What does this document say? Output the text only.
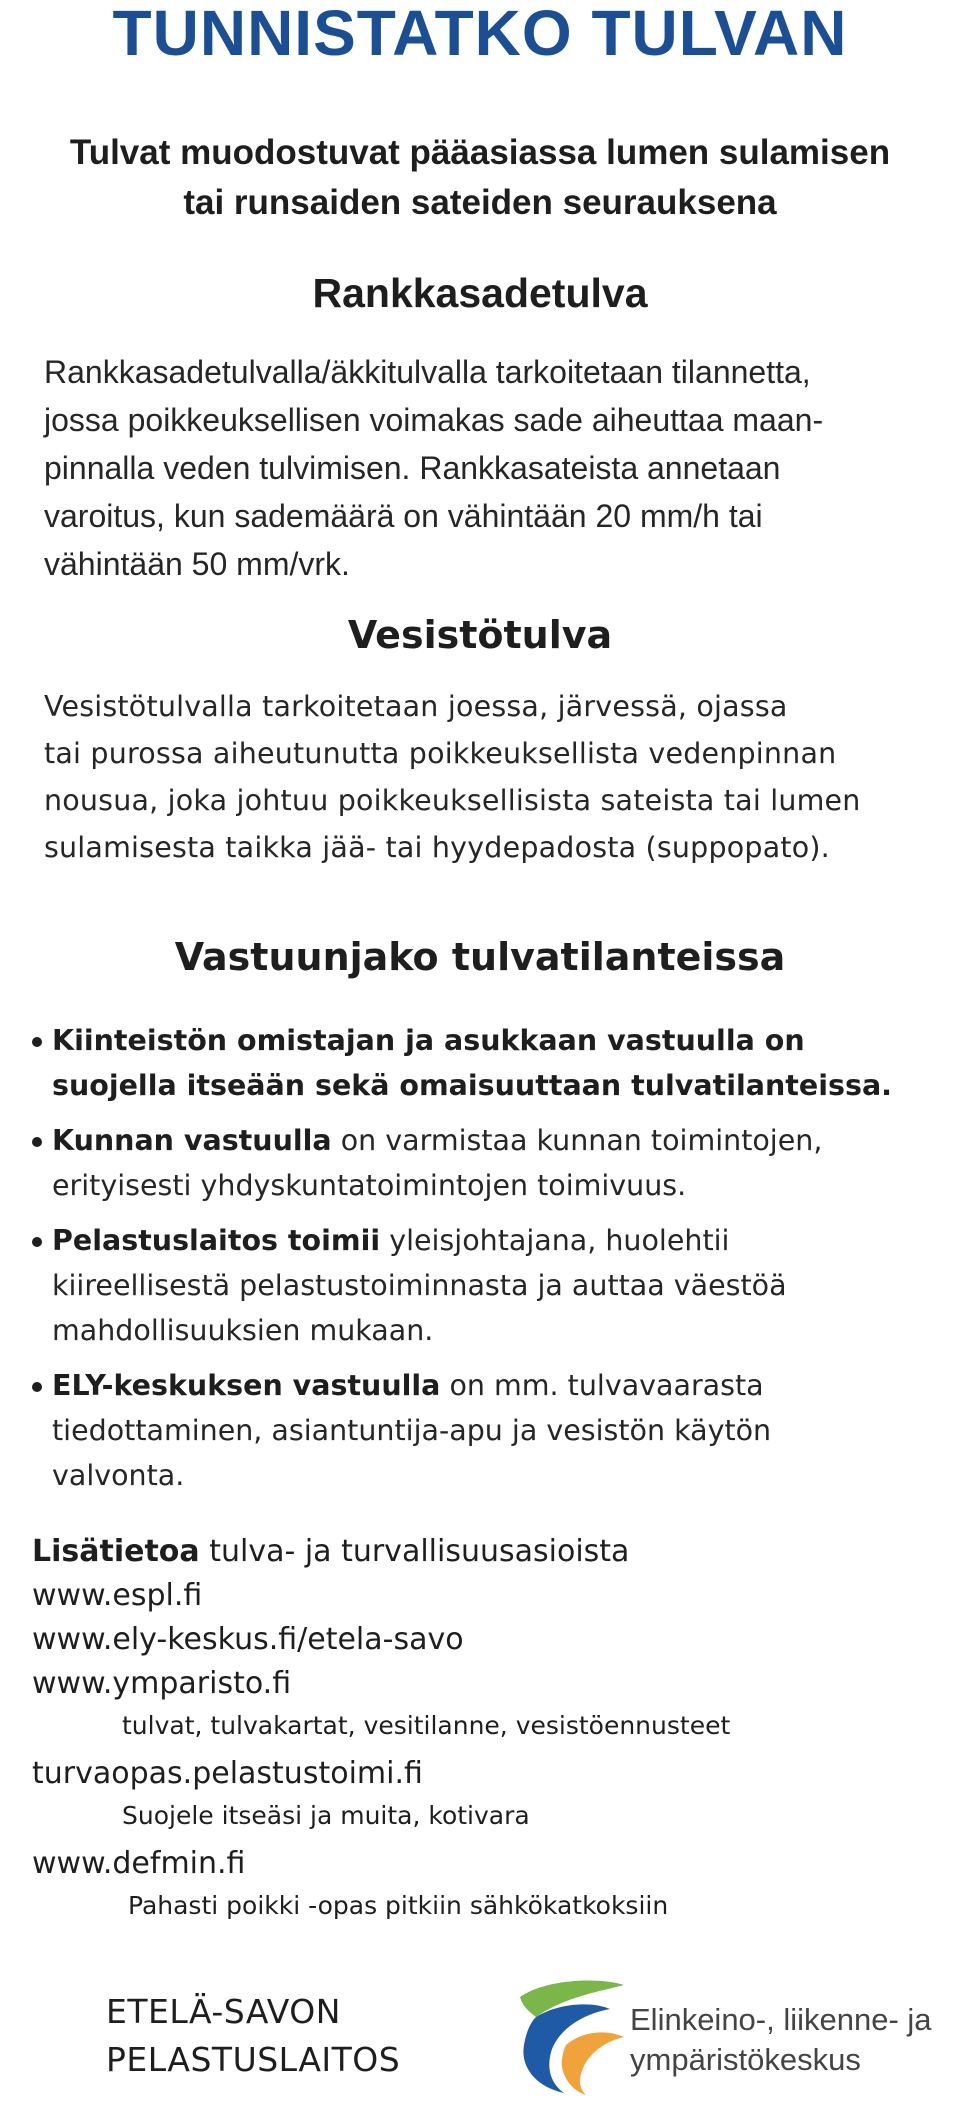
TUNNISTATKO TULVAN
Tulvat muodostuvat pääasiassa lumen sulamisen
tai runsaiden sateiden seurauksena
Rankkasadetulva
Rankkasadetulvalla/äkkitulvalla tarkoitetaan tilannetta,
jossa poikkeuksellisen voimakas sade aiheuttaa maan-
pinnalla veden tulvimisen. Rankkasateista annetaan
varoitus, kun sademäärä on vähintään 20 mm/h tai
vähintään 50 mm/vrk.
Vesistötulva
Vesistötulvalla tarkoitetaan joessa, järvessä, ojassa
tai purossa aiheutunutta poikkeuksellista vedenpinnan
nousua, joka johtuu poikkeuksellisista sateista tai lumen
sulamisesta taikka jää- tai hyydepadosta (suppopato).
Vastuunjako tulvatilanteissa
Kiinteistön omistajan ja asukkaan vastuulla on
suojella itseään sekä omaisuuttaan tulvatilanteissa.
Kunnan vastuulla on varmistaa kunnan toimintojen,
erityisesti yhdyskuntatoimintojen toimivuus.
Pelastuslaitos toimii yleisjohtajana, huolehtii
kiireellisestä pelastustoiminnasta ja auttaa väestöä
mahdollisuuksien mukaan.
ELY-keskuksen vastuulla on mm. tulvavaarasta
tiedottaminen, asiantuntija-apu ja vesistön käytön
valvonta.
Lisätietoa tulva- ja turvallisuusasioista
www.espl.fi
www.ely-keskus.fi/etela-savo
www.ymparisto.fi
tulvat, tulvakartat, vesitilanne, vesistöennusteet
turvaopas.pelastustoimi.fi
Suojele itseäsi ja muita, kotivara
www.defmin.fi
Pahasti poikki -opas pitkiin sähkökatkoksiin
ETELÄ-SAVON
PELASTUSLAITOS
Elinkeino-, liikenne- ja
ympäristökeskus
